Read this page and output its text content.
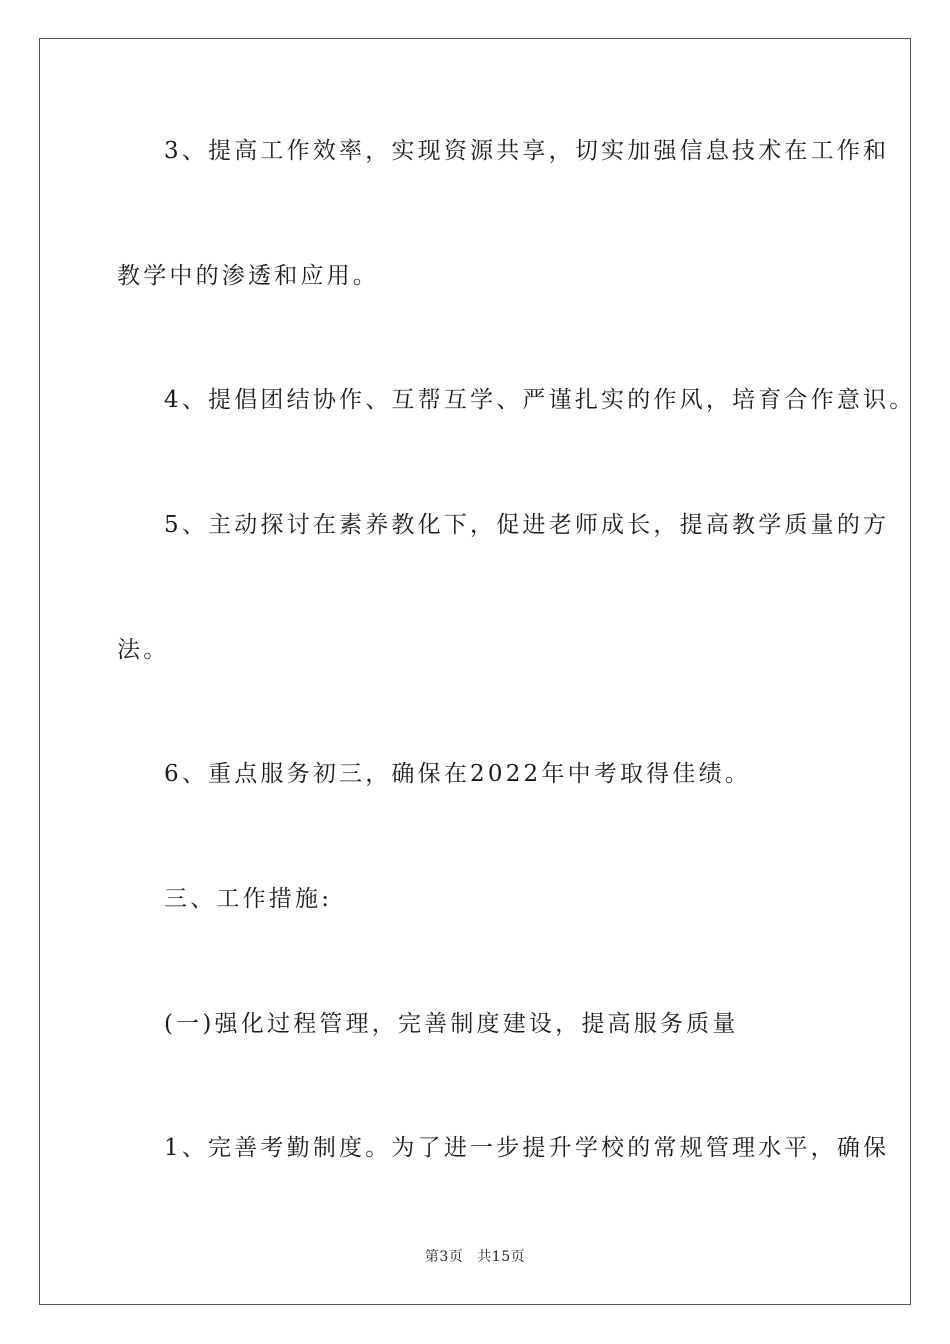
3、提高工作效率，实现资源共享，切实加强信息技术在工作和

教学中的渗透和应用。

4、提倡团结协作、互帮互学、严谨扎实的作风，培育合作意识。

5、主动探讨在素养教化下，促进老师成长，提高教学质量的方

法。

6、重点服务初三，确保在2022年中考取得佳绩。

三、工作措施:

(一)强化过程管理，完善制度建设，提高服务质量

1、完善考勤制度。为了进一步提升学校的常规管理水平，确保

第3页 共15页
